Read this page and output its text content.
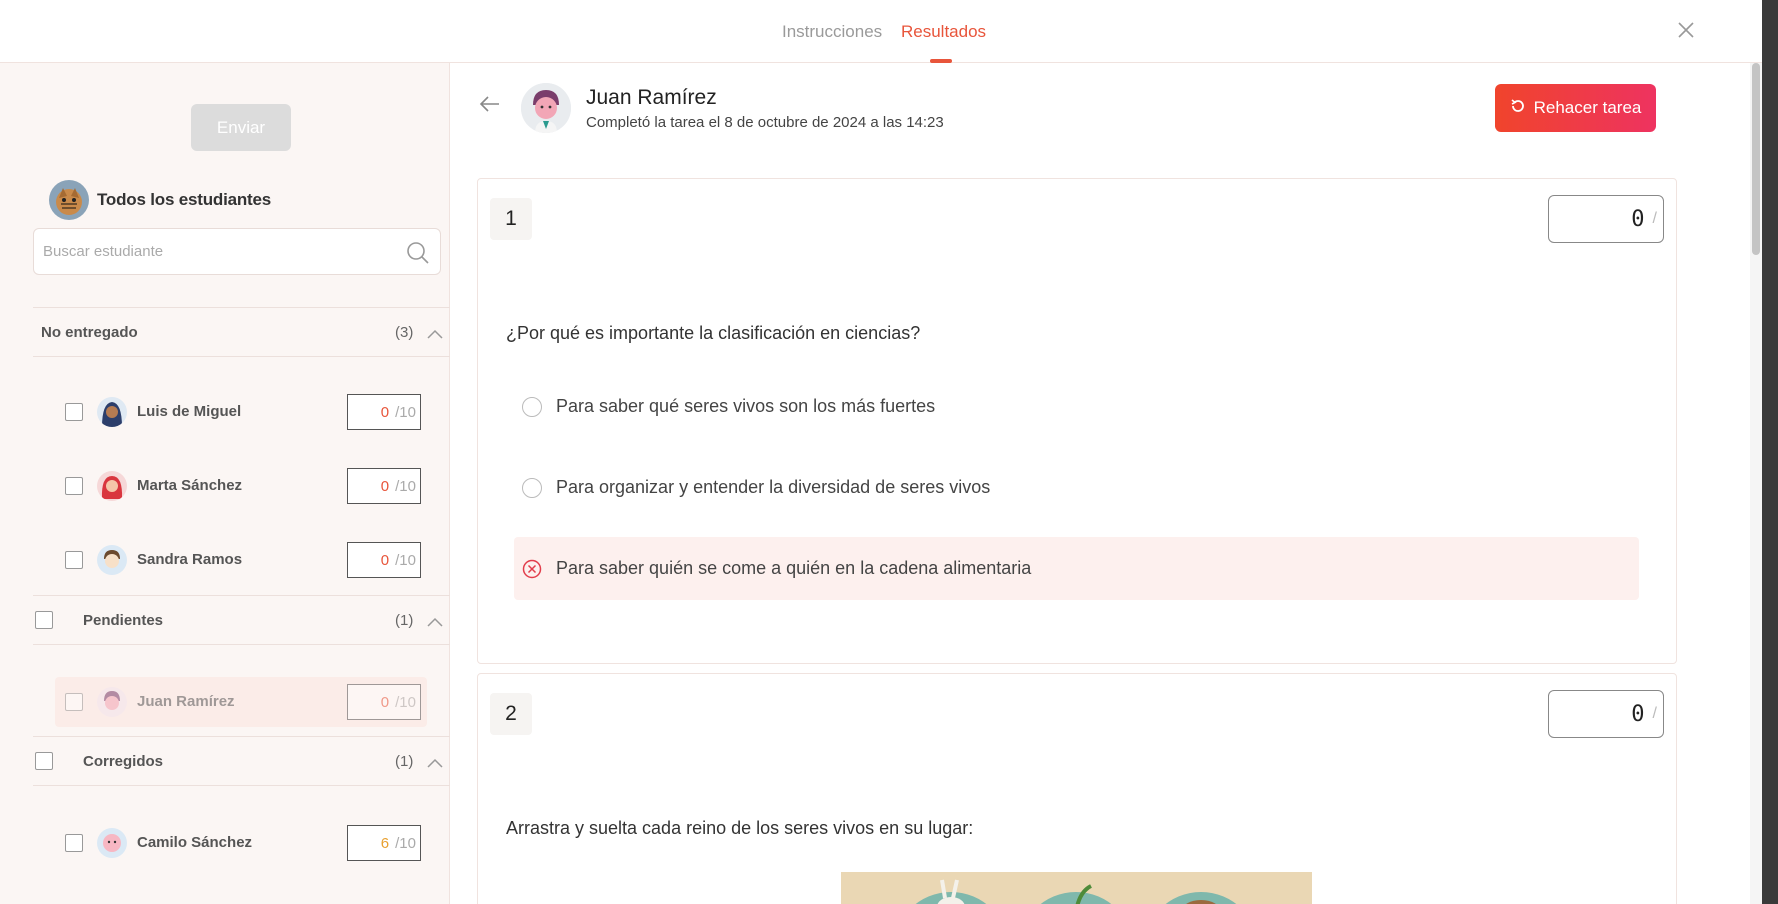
Instrucciones Resultados
Enviar
Todos los estudiantes
Buscar estudiante
No entregado	(3)
Luis de Miguel	0 /10
Marta Sánchez	0 /10
Sandra Ramos	0 /10
Pendientes	(1)
Juan Ramírez	0 /10
Corregidos	(1)
Camilo Sánchez	6 /10
Juan Ramírez
Completó la tarea el 8 de octubre de 2024 a las 14:23
Rehacer tarea
1
0	/
¿Por qué es importante la clasificación en ciencias?
Para saber qué seres vivos son los más fuertes
Para organizar y entender la diversidad de seres vivos
Para saber quién se come a quién en la cadena alimentaria
2
0	/
Arrastra y suelta cada reino de los seres vivos en su lugar:
